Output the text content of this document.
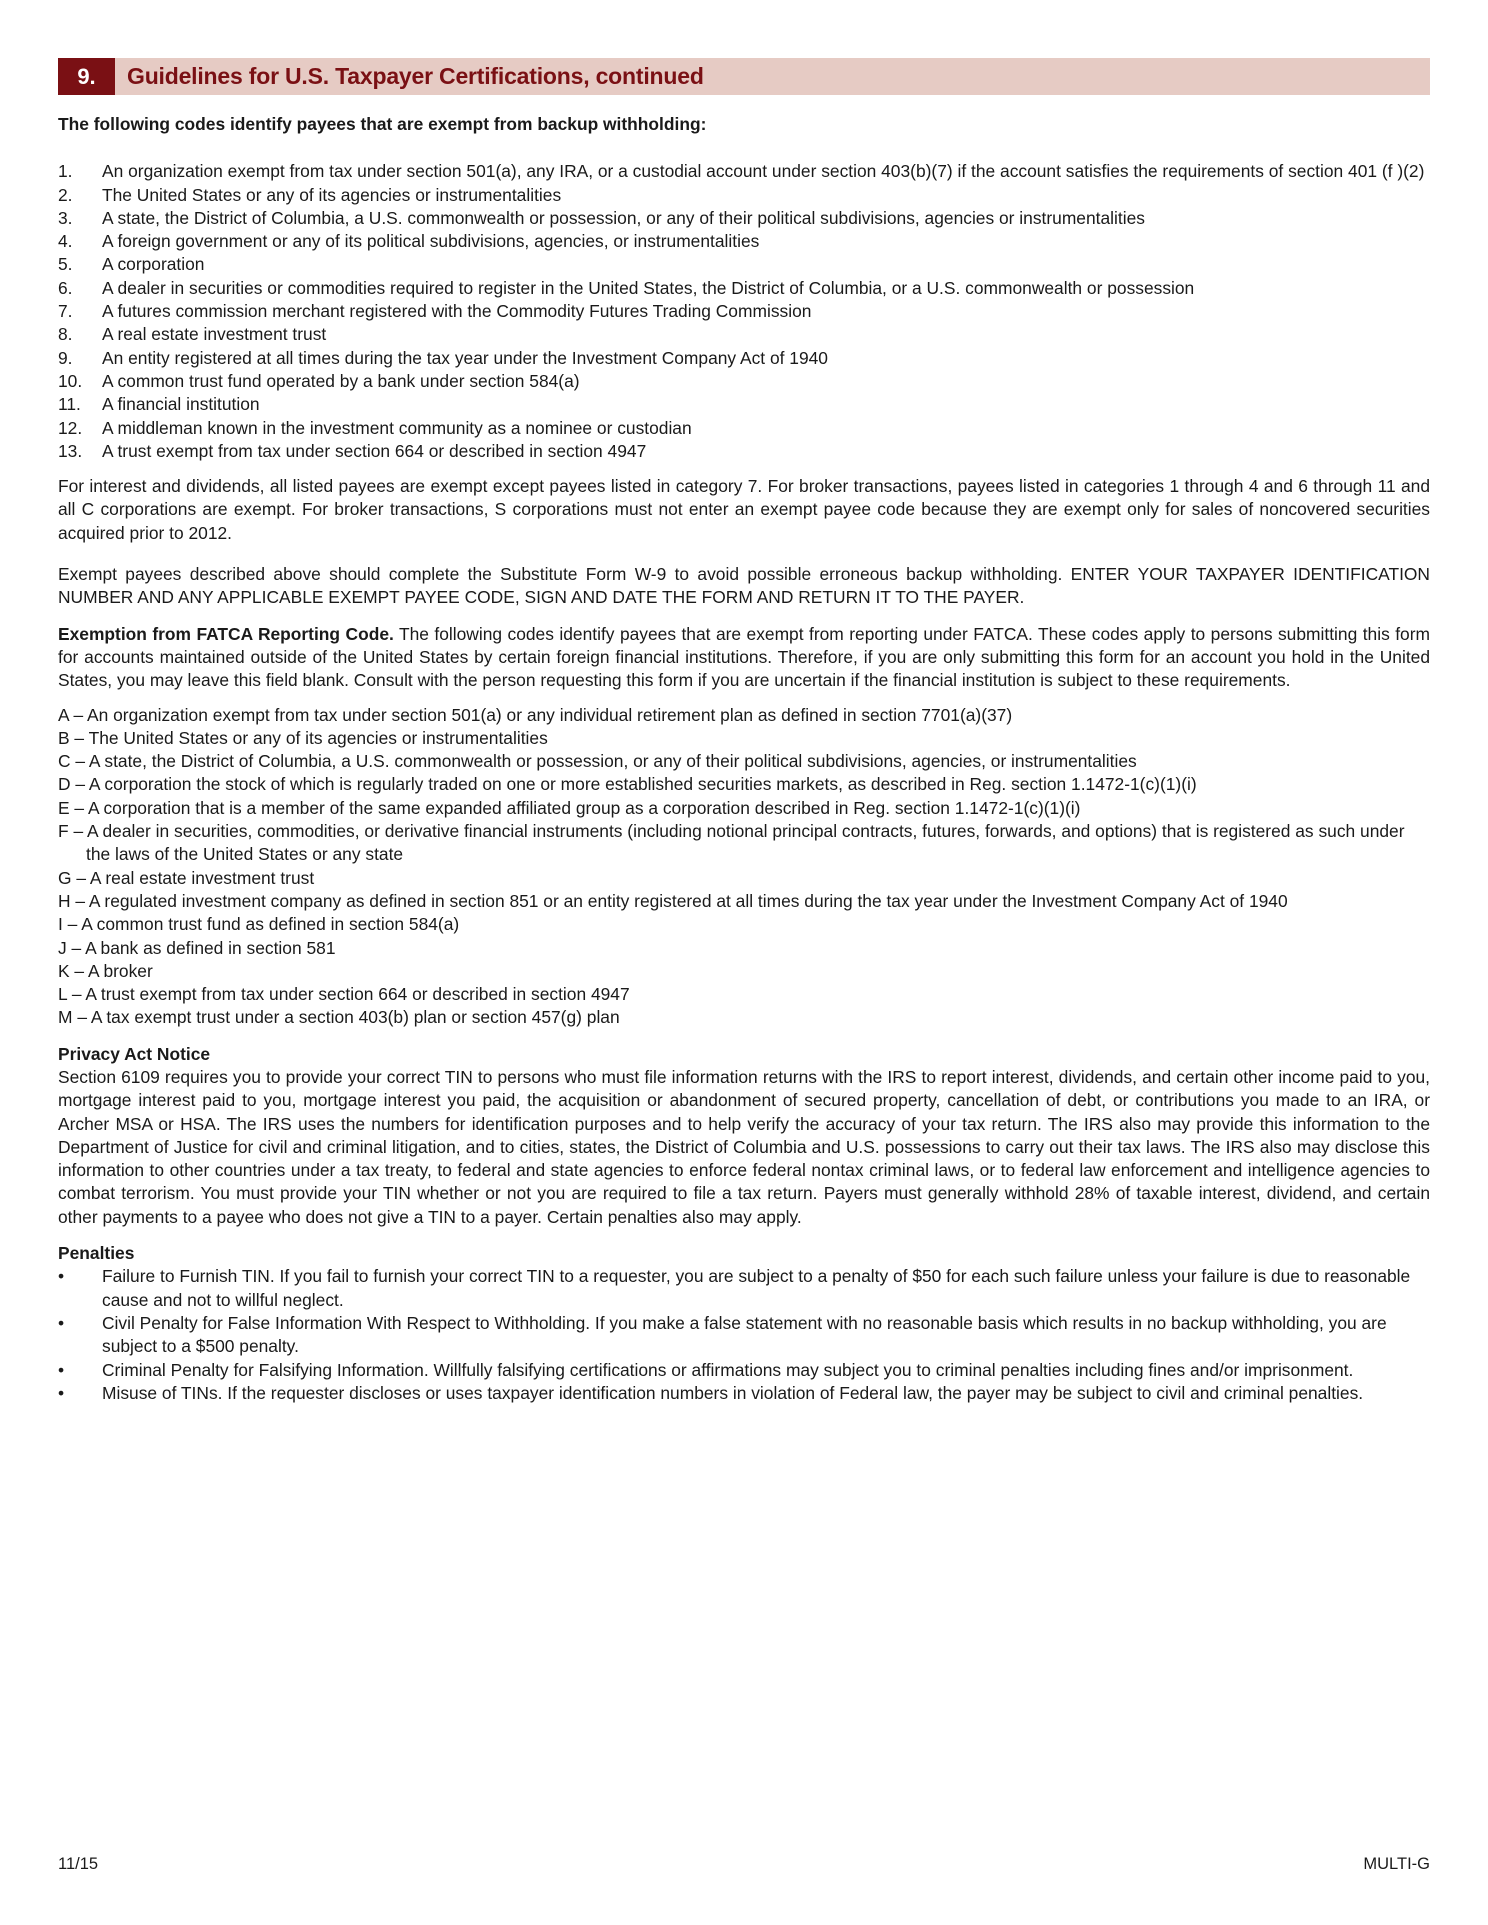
9.	Guidelines for U.S. Taxpayer Certifications, continued

The following codes identify payees that are exempt from backup withholding:

1.	An organization exempt from tax under section 501(a), any IRA, or a custodial account under section 403(b)(7) if the account satisfies the requirements of section 401 (f )(2)
2.	The United States or any of its agencies or instrumentalities
3.	A state, the District of Columbia, a U.S. commonwealth or possession, or any of their political subdivisions, agencies or instrumentalities
4.	A foreign government or any of its political subdivisions, agencies, or instrumentalities
5.	A corporation
6.	A dealer in securities or commodities required to register in the United States, the District of Columbia, or a U.S. commonwealth or possession
7.	A futures commission merchant registered with the Commodity Futures Trading Commission
8.	A real estate investment trust
9.	An entity registered at all times during the tax year under the Investment Company Act of 1940
10.	A common trust fund operated by a bank under section 584(a)
11.	A financial institution
12.	A middleman known in the investment community as a nominee or custodian
13.	A trust exempt from tax under section 664 or described in section 4947

For interest and dividends, all listed payees are exempt except payees listed in category 7. For broker transactions, payees listed in categories 1 through 4 and 6 through 11 and all C corporations are exempt. For broker transactions, S corporations must not enter an exempt payee code because they are exempt only for sales of noncovered securities acquired prior to 2012.

Exempt payees described above should complete the Substitute Form W-9 to avoid possible erroneous backup withholding. ENTER YOUR TAXPAYER IDENTIFICATION NUMBER AND ANY APPLICABLE EXEMPT PAYEE CODE, SIGN AND DATE THE FORM AND RETURN IT TO THE PAYER.

Exemption from FATCA Reporting Code. The following codes identify payees that are exempt from reporting under FATCA. These codes apply to persons submitting this form for accounts maintained outside of the United States by certain foreign financial institutions. Therefore, if you are only submitting this form for an account you hold in the United States, you may leave this field blank. Consult with the person requesting this form if you are uncertain if the financial institution is subject to these requirements.

A – An organization exempt from tax under section 501(a) or any individual retirement plan as defined in section 7701(a)(37)
B – The United States or any of its agencies or instrumentalities
C – A state, the District of Columbia, a U.S. commonwealth or possession, or any of their political subdivisions, agencies, or instrumentalities
D – A corporation the stock of which is regularly traded on one or more established securities markets, as described in Reg. section 1.1472-1(c)(1)(i)
E – A corporation that is a member of the same expanded affiliated group as a corporation described in Reg. section 1.1472-1(c)(1)(i)
F – A dealer in securities, commodities, or derivative financial instruments (including notional principal contracts, futures, forwards, and options) that is registered as such under the laws of the United States or any state
G – A real estate investment trust
H – A regulated investment company as defined in section 851 or an entity registered at all times during the tax year under the Investment Company Act of 1940
I – A common trust fund as defined in section 584(a)
J – A bank as defined in section 581
K – A broker
L – A trust exempt from tax under section 664 or described in section 4947
M – A tax exempt trust under a section 403(b) plan or section 457(g) plan
Privacy Act Notice

Section 6109 requires you to provide your correct TIN to persons who must file information returns with the IRS to report interest, dividends, and certain other income paid to you, mortgage interest paid to you, mortgage interest you paid, the acquisition or abandonment of secured property, cancellation of debt, or contributions you made to an IRA, or Archer MSA or HSA. The IRS uses the numbers for identification purposes and to help verify the accuracy of your tax return. The IRS also may provide this information to the Department of Justice for civil and criminal litigation, and to cities, states, the District of Columbia and U.S. possessions to carry out their tax laws. The IRS also may disclose this information to other countries under a tax treaty, to federal and state agencies to enforce federal nontax criminal laws, or to federal law enforcement and intelligence agencies to combat terrorism. You must provide your TIN whether or not you are required to file a tax return. Payers must generally withhold 28% of taxable interest, dividend, and certain other payments to a payee who does not give a TIN to a payer. Certain penalties also may apply.

Penalties
•	Failure to Furnish TIN. If you fail to furnish your correct TIN to a requester, you are subject to a penalty of $50 for each such failure unless your failure is due to reasonable cause and not to willful neglect.
•	Civil Penalty for False Information With Respect to Withholding. If you make a false statement with no reasonable basis which results in no backup withholding, you are subject to a $500 penalty.
•	Criminal Penalty for Falsifying Information. Willfully falsifying certifications or affirmations may subject you to criminal penalties including fines and/or imprisonment.
•	Misuse of TINs. If the requester discloses or uses taxpayer identification numbers in violation of Federal law, the payer may be subject to civil and criminal penalties.
11/15	MULTI-G
